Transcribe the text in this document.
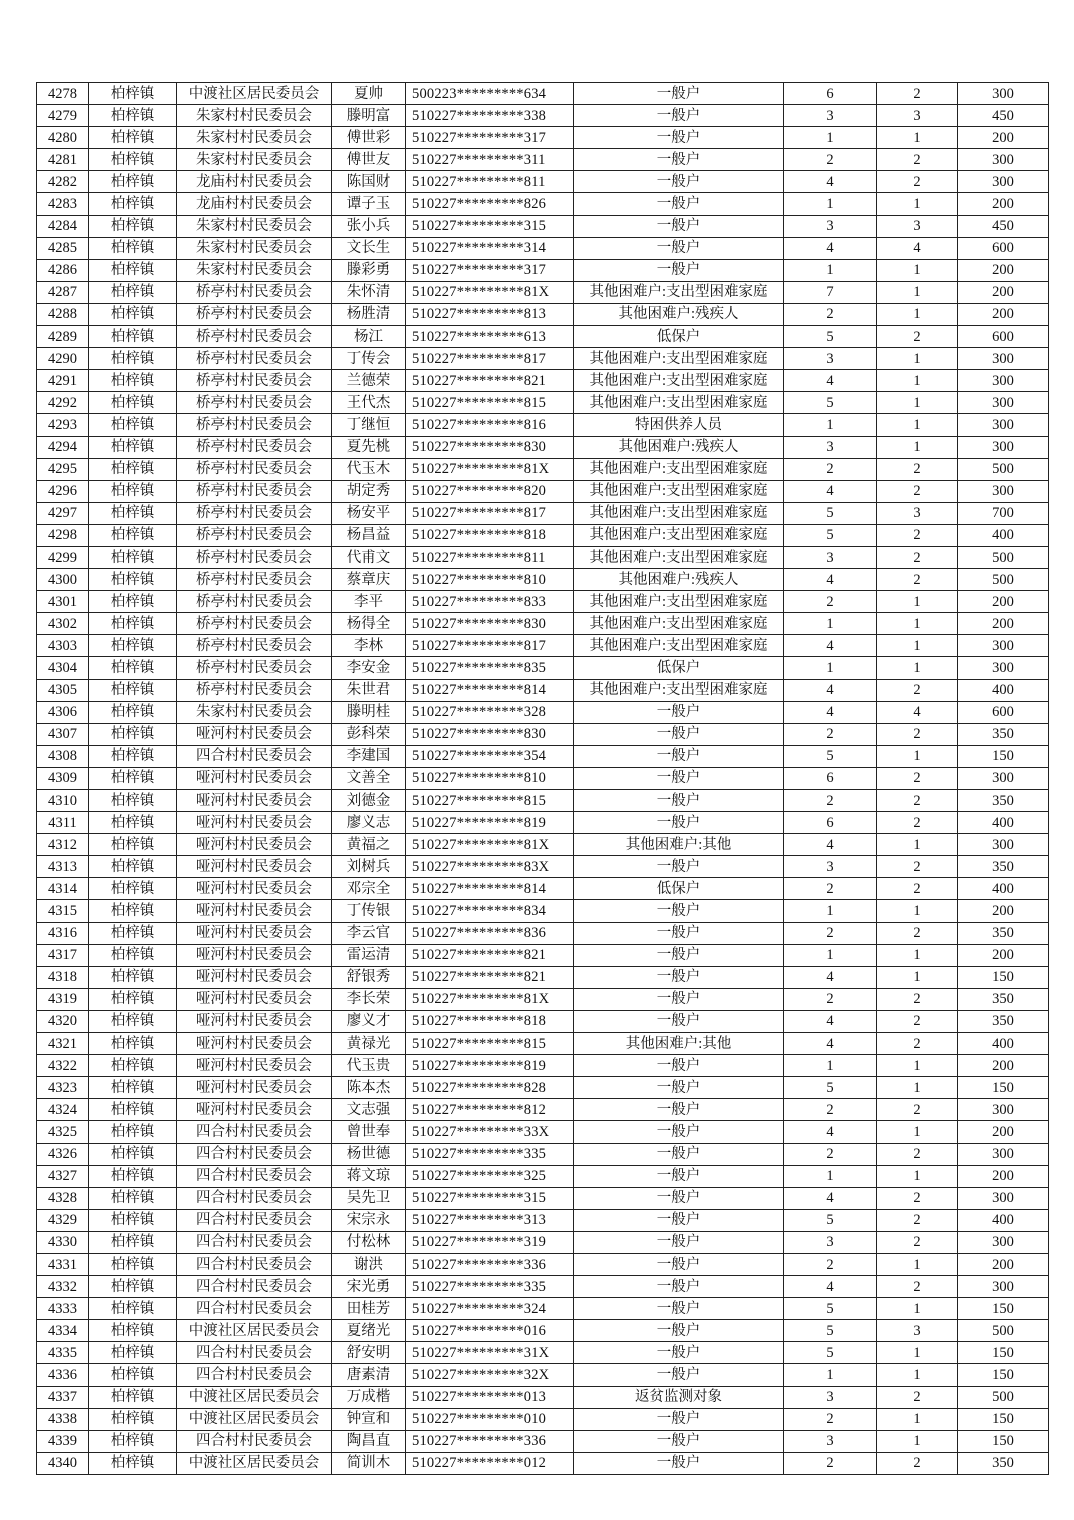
4278	柏梓镇	中渡社区居民委员会	夏帅	500223*********634	一般户	6	2	300
4279	柏梓镇	朱家村村民委员会	滕明富	510227*********338	一般户	3	3	450
4280	柏梓镇	朱家村村民委员会	傅世彩	510227*********317	一般户	1	1	200
4281	柏梓镇	朱家村村民委员会	傅世友	510227*********311	一般户	2	2	300
4282	柏梓镇	龙庙村村民委员会	陈国财	510227*********811	一般户	4	2	300
4283	柏梓镇	龙庙村村民委员会	谭子玉	510227*********826	一般户	1	1	200
4284	柏梓镇	朱家村村民委员会	张小兵	510227*********315	一般户	3	3	450
4285	柏梓镇	朱家村村民委员会	文长生	510227*********314	一般户	4	4	600
4286	柏梓镇	朱家村村民委员会	滕彩勇	510227*********317	一般户	1	1	200
4287	柏梓镇	桥亭村村民委员会	朱怀清	510227*********81X	其他困难户:支出型困难家庭	7	1	200
4288	柏梓镇	桥亭村村民委员会	杨胜清	510227*********813	其他困难户:残疾人	2	1	200
4289	柏梓镇	桥亭村村民委员会	杨江	510227*********613	低保户	5	2	600
4290	柏梓镇	桥亭村村民委员会	丁传会	510227*********817	其他困难户:支出型困难家庭	3	1	300
4291	柏梓镇	桥亭村村民委员会	兰德荣	510227*********821	其他困难户:支出型困难家庭	4	1	300
4292	柏梓镇	桥亭村村民委员会	王代杰	510227*********815	其他困难户:支出型困难家庭	5	1	300
4293	柏梓镇	桥亭村村民委员会	丁继恒	510227*********816	特困供养人员	1	1	300
4294	柏梓镇	桥亭村村民委员会	夏先桃	510227*********830	其他困难户:残疾人	3	1	300
4295	柏梓镇	桥亭村村民委员会	代玉木	510227*********81X	其他困难户:支出型困难家庭	2	2	500
4296	柏梓镇	桥亭村村民委员会	胡定秀	510227*********820	其他困难户:支出型困难家庭	4	2	300
4297	柏梓镇	桥亭村村民委员会	杨安平	510227*********817	其他困难户:支出型困难家庭	5	3	700
4298	柏梓镇	桥亭村村民委员会	杨昌益	510227*********818	其他困难户:支出型困难家庭	5	2	400
4299	柏梓镇	桥亭村村民委员会	代甫文	510227*********811	其他困难户:支出型困难家庭	3	2	500
4300	柏梓镇	桥亭村村民委员会	蔡章庆	510227*********810	其他困难户:残疾人	4	2	500
4301	柏梓镇	桥亭村村民委员会	李平	510227*********833	其他困难户:支出型困难家庭	2	1	200
4302	柏梓镇	桥亭村村民委员会	杨得全	510227*********830	其他困难户:支出型困难家庭	1	1	200
4303	柏梓镇	桥亭村村民委员会	李林	510227*********817	其他困难户:支出型困难家庭	4	1	300
4304	柏梓镇	桥亭村村民委员会	李安金	510227*********835	低保户	1	1	300
4305	柏梓镇	桥亭村村民委员会	朱世君	510227*********814	其他困难户:支出型困难家庭	4	2	400
4306	柏梓镇	朱家村村民委员会	滕明桂	510227*********328	一般户	4	4	600
4307	柏梓镇	哑河村村民委员会	彭科荣	510227*********830	一般户	2	2	350
4308	柏梓镇	四合村村民委员会	李建国	510227*********354	一般户	5	1	150
4309	柏梓镇	哑河村村民委员会	文善全	510227*********810	一般户	6	2	300
4310	柏梓镇	哑河村村民委员会	刘德金	510227*********815	一般户	2	2	350
4311	柏梓镇	哑河村村民委员会	廖义志	510227*********819	一般户	6	2	400
4312	柏梓镇	哑河村村民委员会	黄福之	510227*********81X	其他困难户:其他	4	1	300
4313	柏梓镇	哑河村村民委员会	刘树兵	510227*********83X	一般户	3	2	350
4314	柏梓镇	哑河村村民委员会	邓宗全	510227*********814	低保户	2	2	400
4315	柏梓镇	哑河村村民委员会	丁传银	510227*********834	一般户	1	1	200
4316	柏梓镇	哑河村村民委员会	李云官	510227*********836	一般户	2	2	350
4317	柏梓镇	哑河村村民委员会	雷运清	510227*********821	一般户	1	1	200
4318	柏梓镇	哑河村村民委员会	舒银秀	510227*********821	一般户	4	1	150
4319	柏梓镇	哑河村村民委员会	李长荣	510227*********81X	一般户	2	2	350
4320	柏梓镇	哑河村村民委员会	廖义才	510227*********818	一般户	4	2	350
4321	柏梓镇	哑河村村民委员会	黄禄光	510227*********815	其他困难户:其他	4	2	400
4322	柏梓镇	哑河村村民委员会	代玉贵	510227*********819	一般户	1	1	200
4323	柏梓镇	哑河村村民委员会	陈本杰	510227*********828	一般户	5	1	150
4324	柏梓镇	哑河村村民委员会	文志强	510227*********812	一般户	2	2	300
4325	柏梓镇	四合村村民委员会	曾世奉	510227*********33X	一般户	4	1	200
4326	柏梓镇	四合村村民委员会	杨世德	510227*********335	一般户	2	2	300
4327	柏梓镇	四合村村民委员会	蒋文琼	510227*********325	一般户	1	1	200
4328	柏梓镇	四合村村民委员会	吴先卫	510227*********315	一般户	4	2	300
4329	柏梓镇	四合村村民委员会	宋宗永	510227*********313	一般户	5	2	400
4330	柏梓镇	四合村村民委员会	付松林	510227*********319	一般户	3	2	300
4331	柏梓镇	四合村村民委员会	谢洪	510227*********336	一般户	2	1	200
4332	柏梓镇	四合村村民委员会	宋光勇	510227*********335	一般户	4	2	300
4333	柏梓镇	四合村村民委员会	田桂芳	510227*********324	一般户	5	1	150
4334	柏梓镇	中渡社区居民委员会	夏绪光	510227*********016	一般户	5	3	500
4335	柏梓镇	四合村村民委员会	舒安明	510227*********31X	一般户	5	1	150
4336	柏梓镇	四合村村民委员会	唐素清	510227*********32X	一般户	1	1	150
4337	柏梓镇	中渡社区居民委员会	万成楷	510227*********013	返贫监测对象	3	2	500
4338	柏梓镇	中渡社区居民委员会	钟宣和	510227*********010	一般户	2	1	150
4339	柏梓镇	四合村村民委员会	陶昌直	510227*********336	一般户	3	1	150
4340	柏梓镇	中渡社区居民委员会	简训木	510227*********012	一般户	2	2	350
